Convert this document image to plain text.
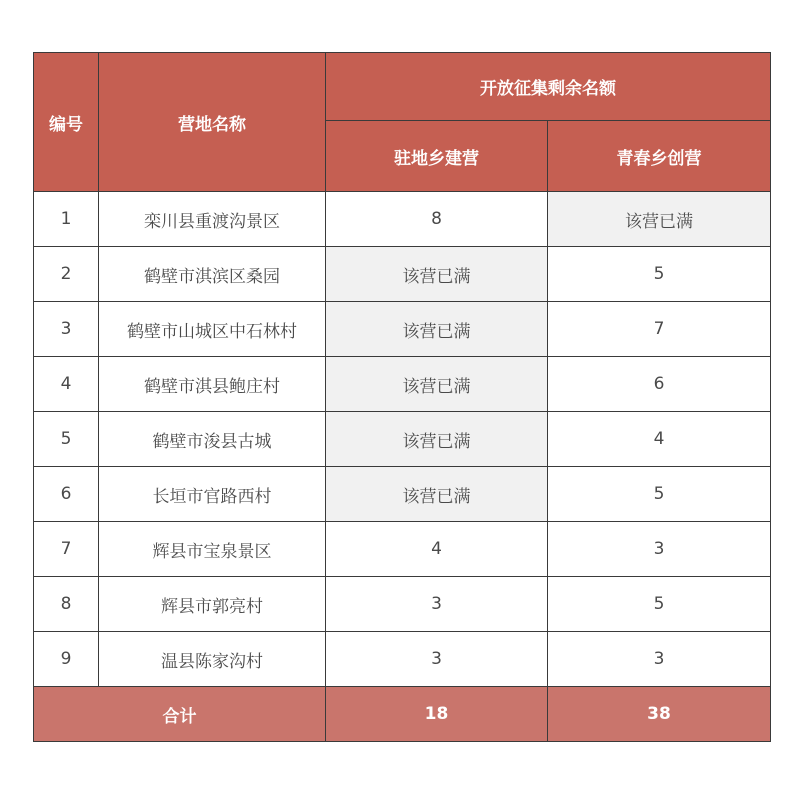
编号	营地名称	开放征集剩余名额	
		驻地乡建营	青春乡创营
1	栾川县重渡沟景区	8	该营已满
2	鹤壁市淇滨区桑园	该营已满	5
3	鹤壁市山城区中石林村	该营已满	7
4	鹤壁市淇县鲍庄村	该营已满	6
5	鹤壁市浚县古城	该营已满	4
6	长垣市官路西村	该营已满	5
7	辉县市宝泉景区	4	3
8	辉县市郭亮村	3	5
9	温县陈家沟村	3	3
合计		18	38
